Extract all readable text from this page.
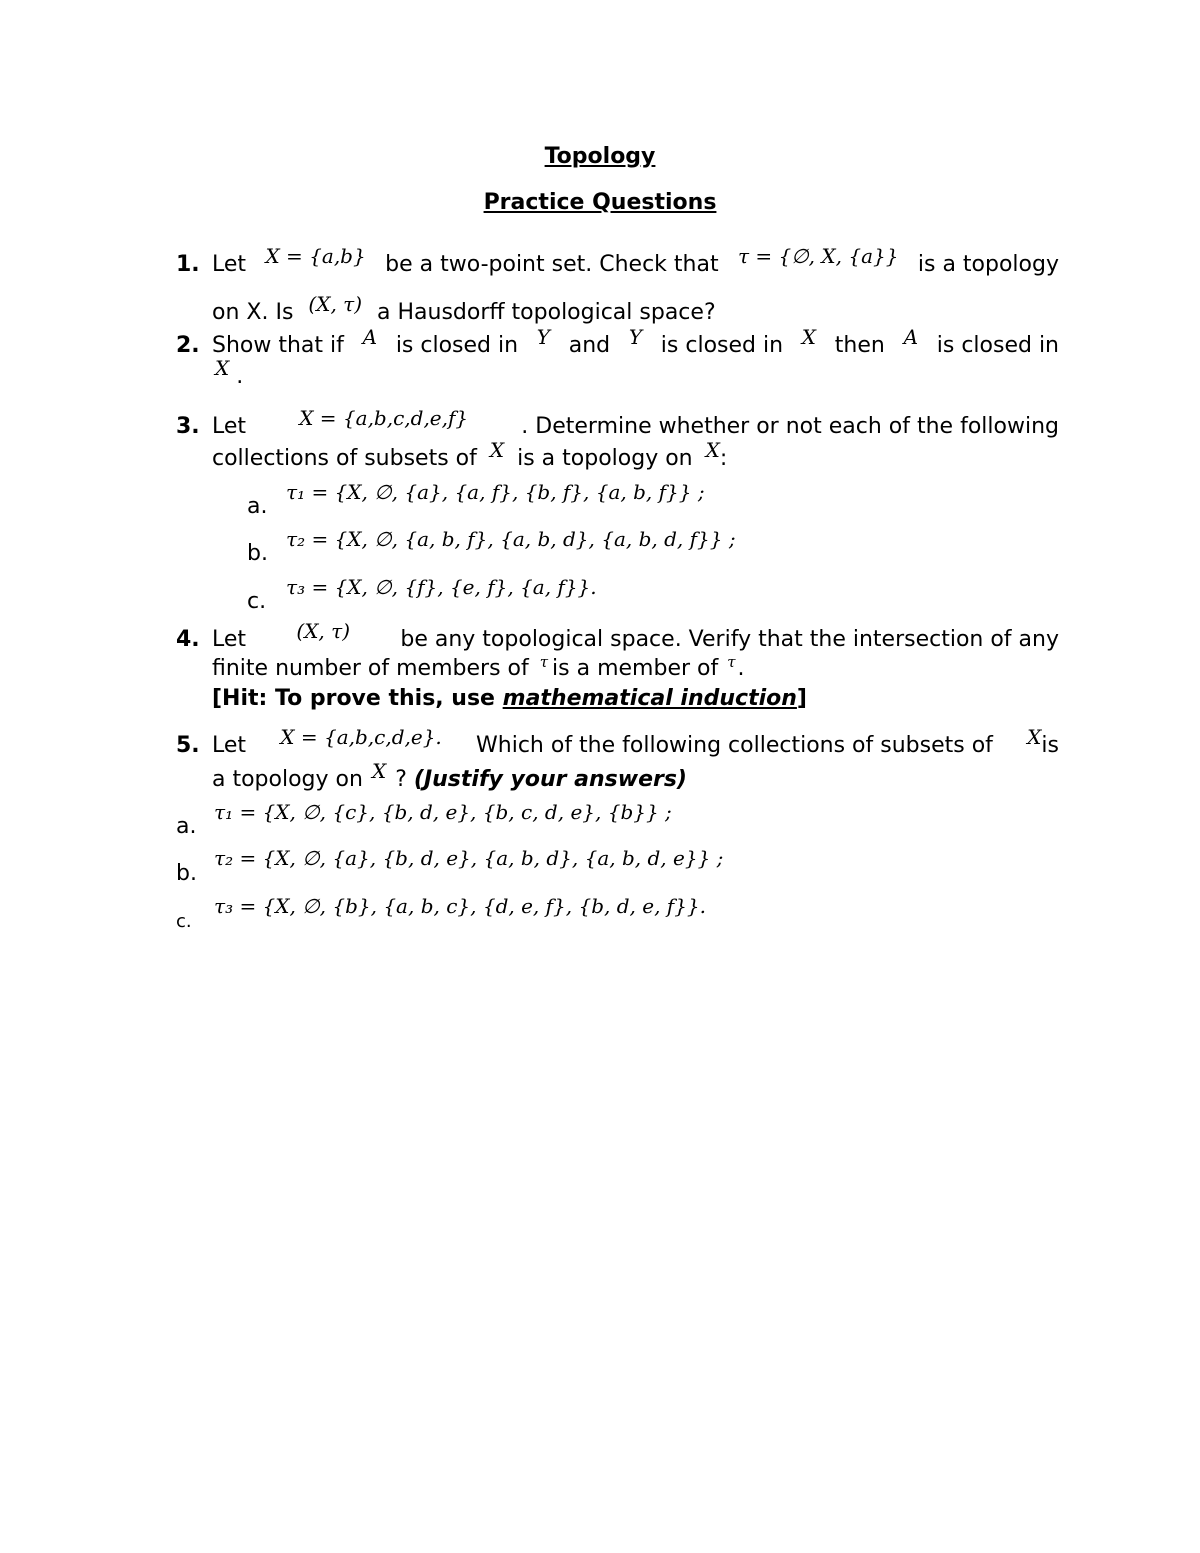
Topology
Practice Questions
1. Let X = {a,b} be a two-point set. Check that τ = {∅, X, {a}} is a topology
on X. Is (X, τ) a Hausdorff topological space?
2. Show that if A is closed in Y and Y is closed in X then A is closed in
X .
3. Let	X = {a,b,c,d,e,f} . Determine whether or not each of the following
collections of subsets of X is a topology on X:
a.
τ₁ = {X, ∅, {a}, {a, f}, {b, f}, {a, b, f}} ;
b.
τ₂ = {X, ∅, {a, b, f}, {a, b, d}, {a, b, d, f}} ;
c.
τ₃ = {X, ∅, {f}, {e, f}, {a, f}}.
4. Let	(X, τ) be any topological space. Verify that the intersection of any
finite number of members of $^\tau$ is a member of $^\tau$.
[Hit: To prove this, use mathematical induction]
5. Let X = {a,b,c,d,e}. Which of the following collections of subsets of Xis
a topology on X ? (Justify your answers)
a.
τ₁ = {X, ∅, {c}, {b, d, e}, {b, c, d, e}, {b}} ;
b.
τ₂ = {X, ∅, {a}, {b, d, e}, {a, b, d}, {a, b, d, e}} ;
c.
τ₃ = {X, ∅, {b}, {a, b, c}, {d, e, f}, {b, d, e, f}}.
